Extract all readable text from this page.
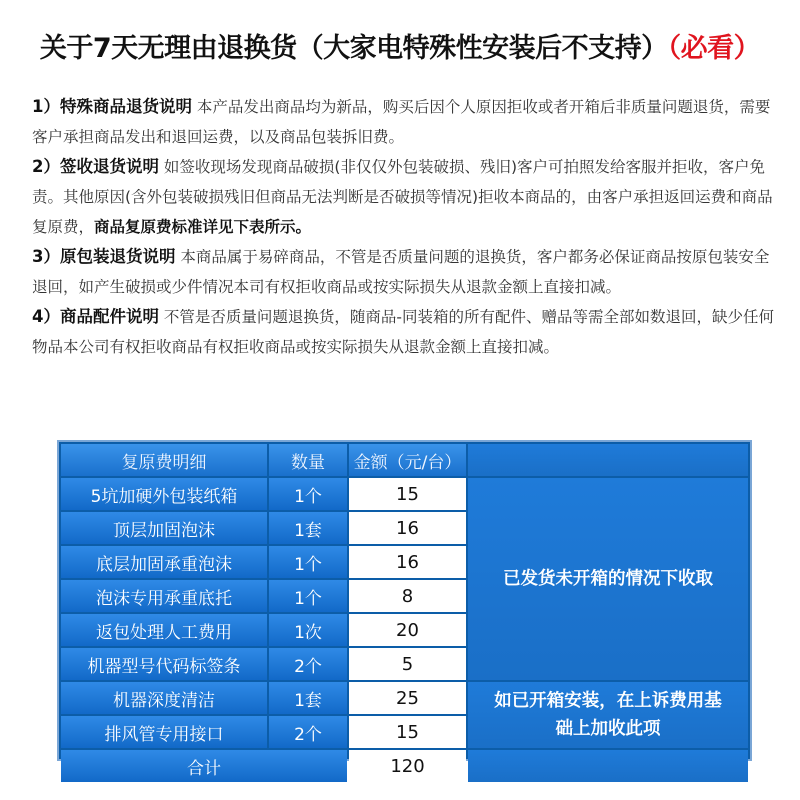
关于7天无理由退换货（大家电特殊性安装后不支持）（必看）

1）特殊商品退货说明 本产品发出商品均为新品，购买后因个人原因拒收或者开箱后非质量问题退货，需要客户承担商品发出和退回运费，以及商品包装拆旧费。

2）签收退货说明 如签收现场发现商品破损(非仅仅外包装破损、残旧)客户可拍照发给客服并拒收，客户免责。其他原因(含外包装破损残旧但商品无法判断是否破损等情况)拒收本商品的，由客户承担返回运费和商品复原费，商品复原费标准详见下表所示。

3）原包装退货说明 本商品属于易碎商品，不管是否质量问题的退换货，客户都务必保证商品按原包装安全退回，如产生破损或少件情况本司有权拒收商品或按实际损失从退款金额上直接扣减。

4）商品配件说明 不管是否质量问题退换货，随商品-同装箱的所有配件、赠品等需全部如数退回，缺少任何物品本公司有权拒收商品有权拒收商品或按实际损失从退款金额上直接扣减。

复原费明细	数量	金额（元/台）	
5坑加硬外包装纸箱	1个	15	已发货未开箱的情况下收取
顶层加固泡沫	1套	16	
底层加固承重泡沫	1个	16	
泡沫专用承重底托	1个	8	
返包处理人工费用	1次	20	
机器型号代码标签条	2个	5	
机器深度清洁	1套	25	如已开箱安装，在上诉费用基础上加收此项
排风管专用接口	2个	15	
合计		120	
